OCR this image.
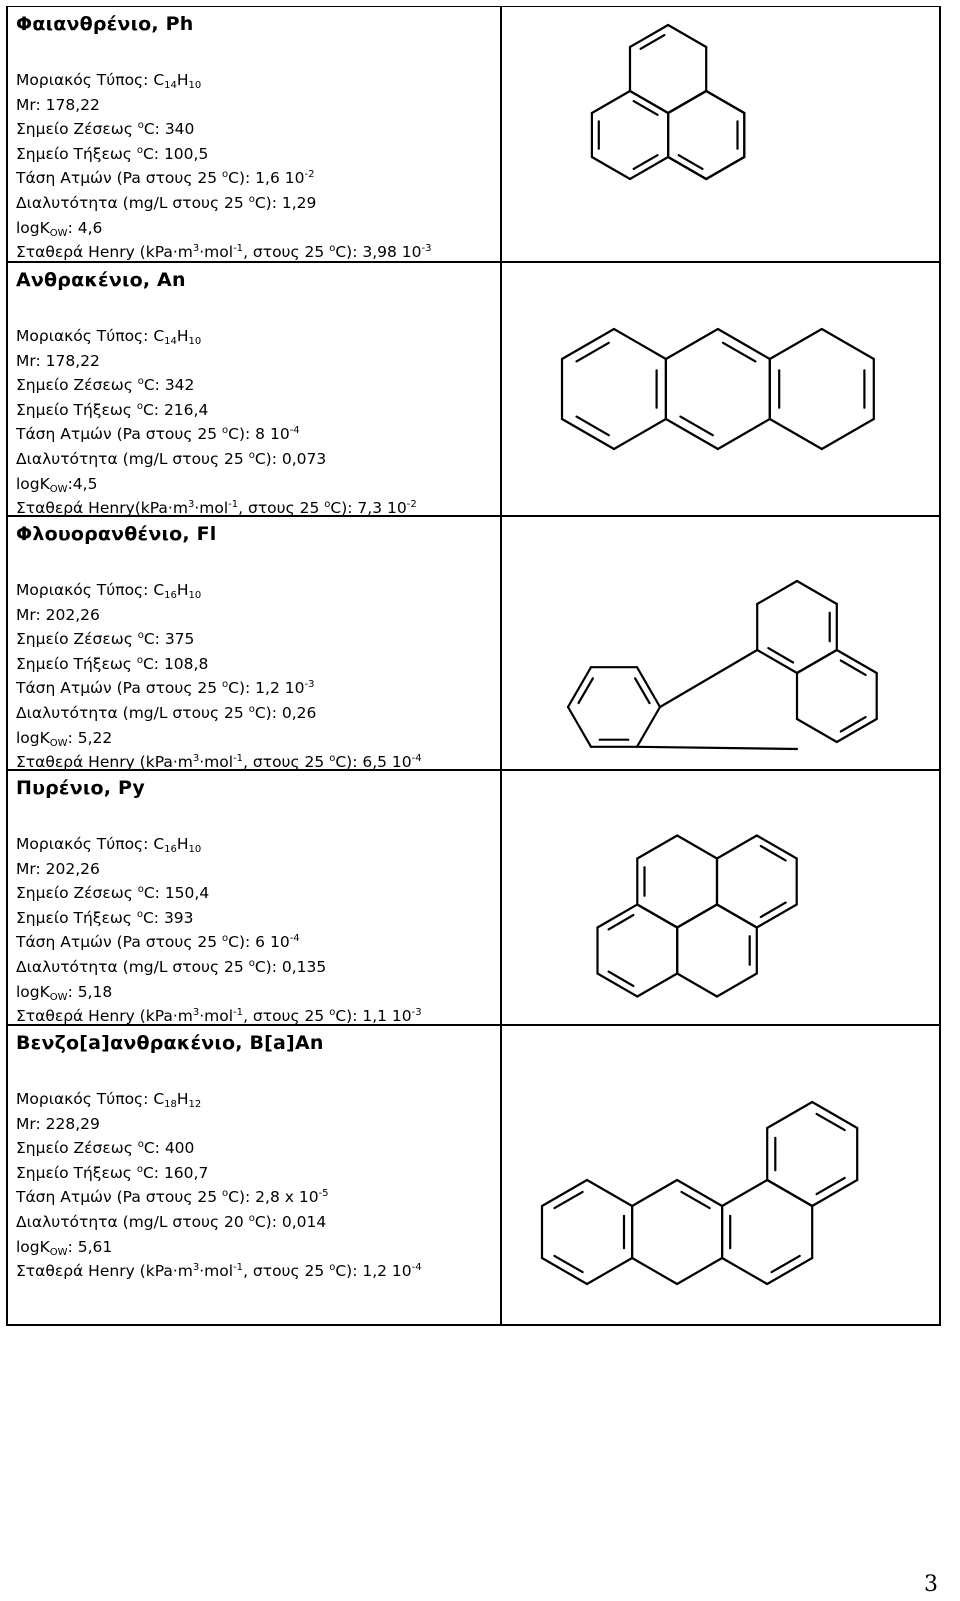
Φαιανθρένιο, Ph
Μοριακός Τύπος: $C_{14}H_{10}$
Mr: 178,22
Σημείο Ζέσεως $^o$C: 340
Σημείο Τήξεως $^o$C: 100,5
Τάση Ατμών (Pa στους 25 $^o$C): 1,6 $10^{-2}$
Διαλυτότητα (mg/L στους 25 $^o$C): 1,29
logK$_{OW}$: 4,6
Σταθερά Henry ($kPa\cdot m^3\cdot mol^{-1}$, στους 25 $^o$C): 3,98 $10^{-3}$
Ανθρακένιο, An
Μοριακός Τύπος: $C_{14}H_{10}$
Mr: 178,22
Σημείο Ζέσεως $^o$C: 342
Σημείο Τήξεως $^o$C: 216,4
Τάση Ατμών (Pa στους 25 $^o$C): 8 $10^{-4}$
Διαλυτότητα (mg/L στους 25 $^o$C): 0,073
logK$_{OW}$:4,5
Σταθερά $Henry(kPa\cdot m^3\cdot mol^{-1}$, στους 25 $^o$C): 7,3 $10^{-2}$
Φλουορανθένιο, Fl
Μοριακός Τύπος: $C_{16}H_{10}$
Mr: 202,26
Σημείο Ζέσεως $^o$C: 375
Σημείο Τήξεως $^o$C: 108,8
Τάση Ατμών (Pa στους 25 $^o$C): 1,2 $10^{-3}$
Διαλυτότητα (mg/L στους 25 $^o$C): 0,26
logK$_{OW}$: 5,22
Σταθερά Henry ($kPa\cdot m^3\cdot mol^{-1}$, στους 25 $^o$C): 6,5 $10^{-4}$
Πυρένιο, Py
Μοριακός Τύπος: $C_{16}H_{10}$
Mr: 202,26
Σημείο Ζέσεως $^o$C: 150,4
Σημείο Τήξεως $^o$C: 393
Τάση Ατμών (Pa στους 25 $^o$C): 6 $10^{-4}$
Διαλυτότητα (mg/L στους 25 $^o$C): 0,135
logK$_{OW}$: 5,18
Σταθερά Henry ($kPa\cdot m^3\cdot mol^{-1}$, στους 25 $^o$C): 1,1 $10^{-3}$
Βενζο[a]ανθρακένιο, B[a]An
Μοριακός Τύπος: $C_{18}H_{12}$
Mr: 228,29
Σημείο Ζέσεως $^o$C: 400
Σημείο Τήξεως $^o$C: 160,7
Τάση Ατμών (Pa στους 25 $^o$C): 2,8 x $10^{-5}$
Διαλυτότητα (mg/L στους 20 $^o$C): 0,014
logK$_{OW}$: 5,61
Σταθερά Henry ($kPa\cdot m^3\cdot mol^{-1}$, στους 25 $^o$C): 1,2 $10^{-4}$
3
